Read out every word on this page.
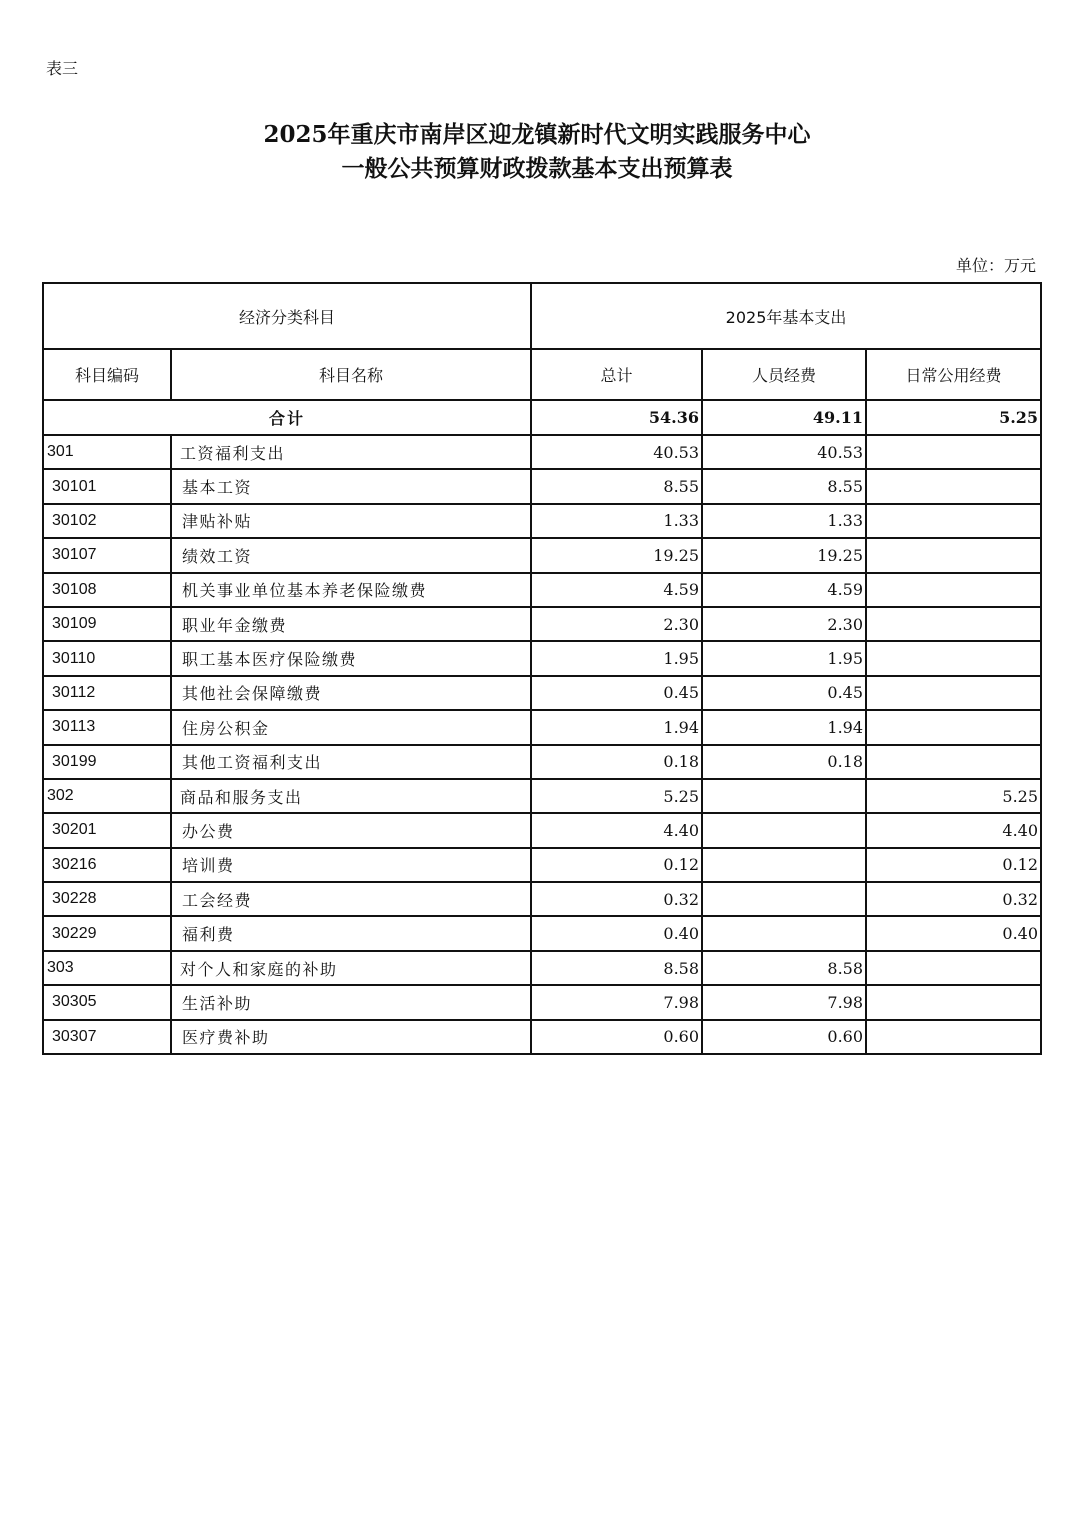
表三
2025年重庆市南岸区迎龙镇新时代文明实践服务中心
一般公共预算财政拨款基本支出预算表
单位：万元
经济分类科目		2025年基本支出		
科目编码	科目名称	总计	人员经费	日常公用经费
合计		54.36	49.11	5.25
301	工资福利支出	40.53	40.53	
30101	基本工资	8.55	8.55	
30102	津贴补贴	1.33	1.33	
30107	绩效工资	19.25	19.25	
30108	机关事业单位基本养老保险缴费	4.59	4.59	
30109	职业年金缴费	2.30	2.30	
30110	职工基本医疗保险缴费	1.95	1.95	
30112	其他社会保障缴费	0.45	0.45	
30113	住房公积金	1.94	1.94	
30199	其他工资福利支出	0.18	0.18	
302	商品和服务支出	5.25		5.25
30201	办公费	4.40		4.40
30216	培训费	0.12		0.12
30228	工会经费	0.32		0.32
30229	福利费	0.40		0.40
303	对个人和家庭的补助	8.58	8.58	
30305	生活补助	7.98	7.98	
30307	医疗费补助	0.60	0.60	
